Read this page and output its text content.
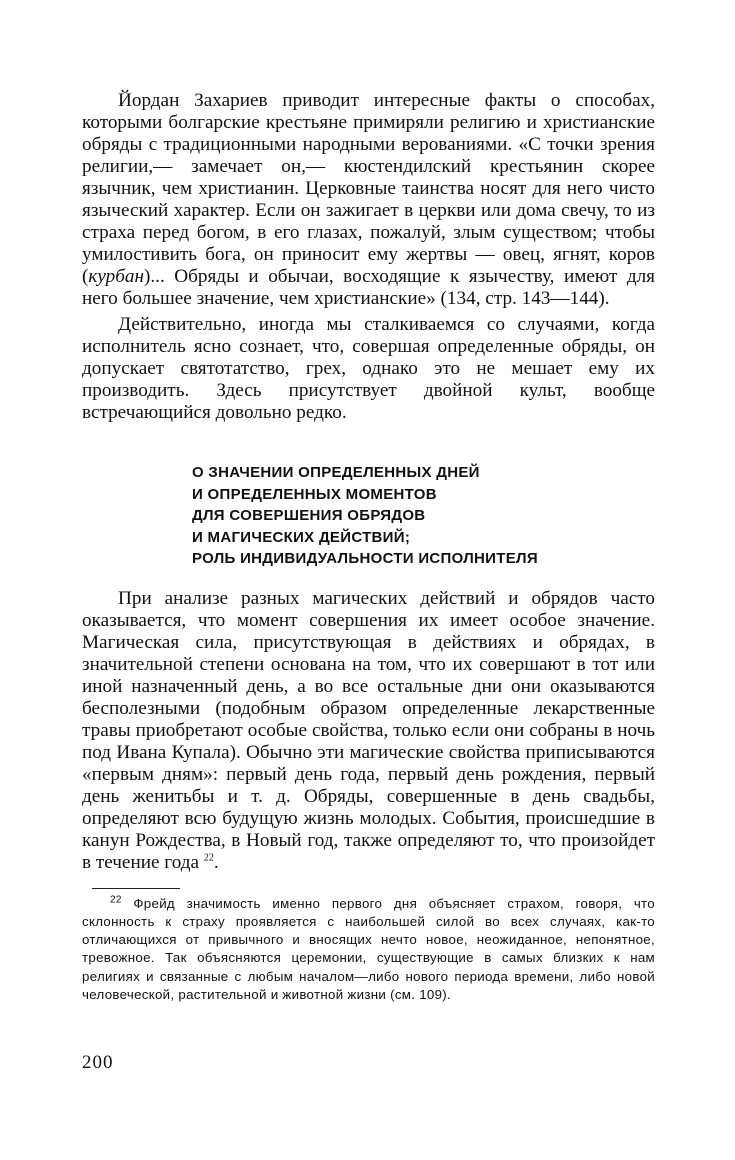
Йордан Захариев приводит интересные факты о способах, которыми болгарские крестьяне примиряли религию и христианские обряды с традиционными народными верованиями. «С точки зрения религии,— замечает он,— кюстендилский крестьянин скорее язычник, чем христианин. Церковные таинства носят для него чисто языческий характер. Если он зажигает в церкви или дома свечу, то из страха перед богом, в его глазах, пожалуй, злым существом; чтобы умилостивить бога, он приносит ему жертвы — овец, ягнят, коров (курбан)... Обряды и обычаи, восходящие к язычеству, имеют для него большее значение, чем христианские» (134, стр. 143—144).

Действительно, иногда мы сталкиваемся со случаями, когда исполнитель ясно сознает, что, совершая определенные обряды, он допускает святотатство, грех, однако это не мешает ему их производить. Здесь присутствует двойной культ, вообще встречающийся довольно редко.

О ЗНАЧЕНИИ ОПРЕДЕЛЕННЫХ ДНЕЙ
И ОПРЕДЕЛЕННЫХ МОМЕНТОВ
ДЛЯ СОВЕРШЕНИЯ ОБРЯДОВ
И МАГИЧЕСКИХ ДЕЙСТВИЙ;
РОЛЬ ИНДИВИДУАЛЬНОСТИ ИСПОЛНИТЕЛЯ

При анализе разных магических действий и обрядов часто оказывается, что момент совершения их имеет особое значение. Магическая сила, присутствующая в действиях и обрядах, в значительной степени основана на том, что их совершают в тот или иной назначенный день, а во все остальные дни они оказываются бесполезными (подобным образом определенные лекарственные травы приобретают особые свойства, только если они собраны в ночь под Ивана Купала). Обычно эти магические свойства приписываются «первым дням»: первый день года, первый день рождения, первый день женитьбы и т. д. Обряды, совершенные в день свадьбы, определяют всю будущую жизнь молодых. События, происшедшие в канун Рождества, в Новый год, также определяют то, что произойдет в течение года $^{22}$.

$^{22}$ Фрейд значимость именно первого дня объясняет страхом, говоря, что склонность к страху проявляется с наибольшей силой во всех случаях, как-то отличающихся от привычного и вносящих нечто новое, неожиданное, непонятное, тревожное. Так объясняются церемонии, существующие в самых близких к нам религиях и связанные с любым началом—либо нового периода времени, либо новой человеческой, растительной и животной жизни (см. 109).

200
